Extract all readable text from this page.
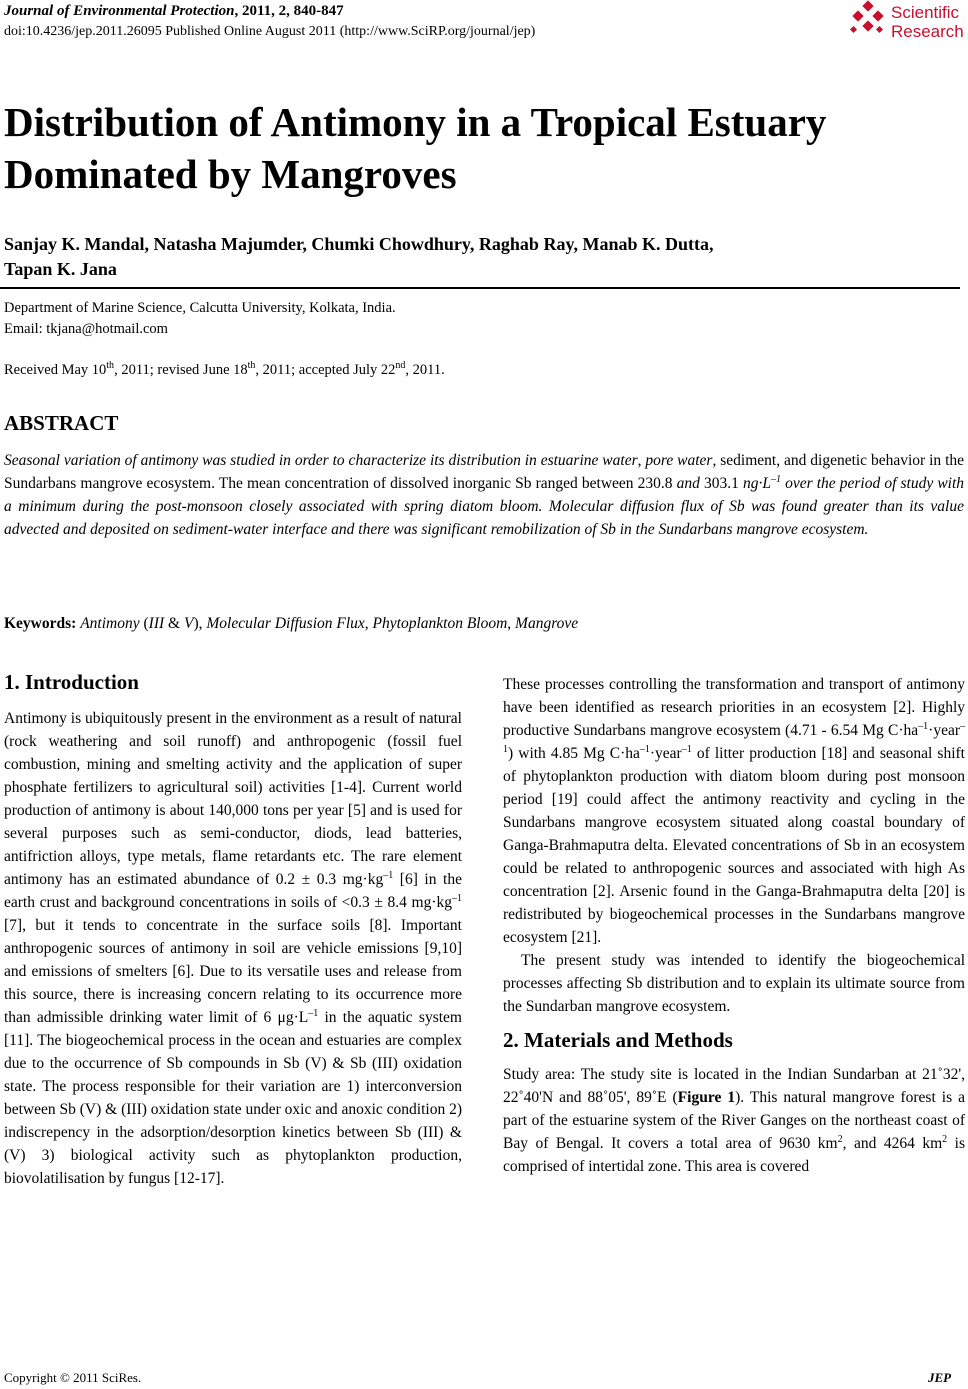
Journal of Environmental Protection, 2011, 2, 840-847
doi:10.4236/jep.2011.26095 Published Online August 2011 (http://www.SciRP.org/journal/jep)
Scientific
Research
Distribution of Antimony in a Tropical Estuary Dominated by Mangroves
Sanjay K. Mandal, Natasha Majumder, Chumki Chowdhury, Raghab Ray, Manab K. Dutta,
Tapan K. Jana
Department of Marine Science, Calcutta University, Kolkata, India.
Email: tkjana@hotmail.com
Received May 10th, 2011; revised June 18th, 2011; accepted July 22nd, 2011.
ABSTRACT

Seasonal variation of antimony was studied in order to characterize its distribution in estuarine water, pore water, sediment, and digenetic behavior in the Sundarbans mangrove ecosystem. The mean concentration of dissolved inorganic Sb ranged between 230.8 and 303.1 $ng\cdot L^{-1}$ over the period of study with a minimum during the post-monsoon closely associated with spring diatom bloom. Molecular diffusion flux of Sb was found greater than its value advected and deposited on sediment-water interface and there was significant remobilization of Sb in the Sundarbans mangrove ecosystem.

Keywords: Antimony (III & V), Molecular Diffusion Flux, Phytoplankton Bloom, Mangrove
1. Introduction

Antimony is ubiquitously present in the environment as a result of natural (rock weathering and soil runoff) and anthropogenic (fossil fuel combustion, mining and smelting activity and the application of super phosphate fertilizers to agricultural soil) activities [1-4]. Current world production of antimony is about 140,000 tons per year [5] and is used for several purposes such as semi-conductor, diods, lead batteries, antifriction alloys, type metals, flame retardants etc. The rare element antimony has an estimated abundance of 0.2 ± 0.3 $mg\cdot kg^{-1}$ [6] in the earth crust and background concentrations in soils of <0.3 ± 8.4 $mg\cdot kg^{-1}$ [7], but it tends to concentrate in the surface soils [8]. Important anthropogenic sources of antimony in soil are vehicle emissions [9,10] and emissions of smelters [6]. Due to its versatile uses and release from this source, there is increasing concern relating to its occurrence more than admissible drinking water limit of 6 $\mu g\cdot L^{-1}$ in the aquatic system [11]. The biogeochemical process in the ocean and estuaries are complex due to the occurrence of Sb compounds in Sb (V) & Sb (III) oxidation state. The process responsible for their variation are 1) interconversion between Sb (V) & (III) oxidation state under oxic and anoxic condition 2) indiscrepency in the adsorption/desorption kinetics between Sb (III) & (V) 3) biological activity such as phytoplankton production, biovolatilisation by fungus [12-17].

These processes controlling the transformation and transport of antimony have been identified as research priorities in an ecosystem [2]. Highly productive Sundarbans mangrove ecosystem (4.71 - 6.54 Mg $C\cdot ha^{-1}\cdot year^{-1}$) with 4.85 Mg $C\cdot ha^{-1}\cdot year^{-1}$ of litter production [18] and seasonal shift of phytoplankton production with diatom bloom during post monsoon period [19] could affect the antimony reactivity and cycling in the Sundarbans mangrove ecosystem situated along coastal boundary of Ganga-Brahmaputra delta. Elevated concentrations of Sb in an ecosystem could be related to anthropogenic sources and associated with high As concentration [2]. Arsenic found in the Ganga-Brahmaputra delta [20] is redistributed by biogeochemical processes in the Sundarbans mangrove ecosystem [21].

The present study was intended to identify the biogeochemical processes affecting Sb distribution and to explain its ultimate source from the Sundarban mangrove ecosystem.

2. Materials and Methods

Study area: The study site is located in the Indian Sundarban at 21˚32', 22˚40'N and 88˚05', 89˚E (Figure 1). This natural mangrove forest is a part of the estuarine system of the River Ganges on the northeast coast of Bay of Bengal. It covers a total area of 9630 $km^2$, and 4264 $km^2$ is comprised of intertidal zone. This area is covered

Copyright © 2011 SciRes.	JEP
